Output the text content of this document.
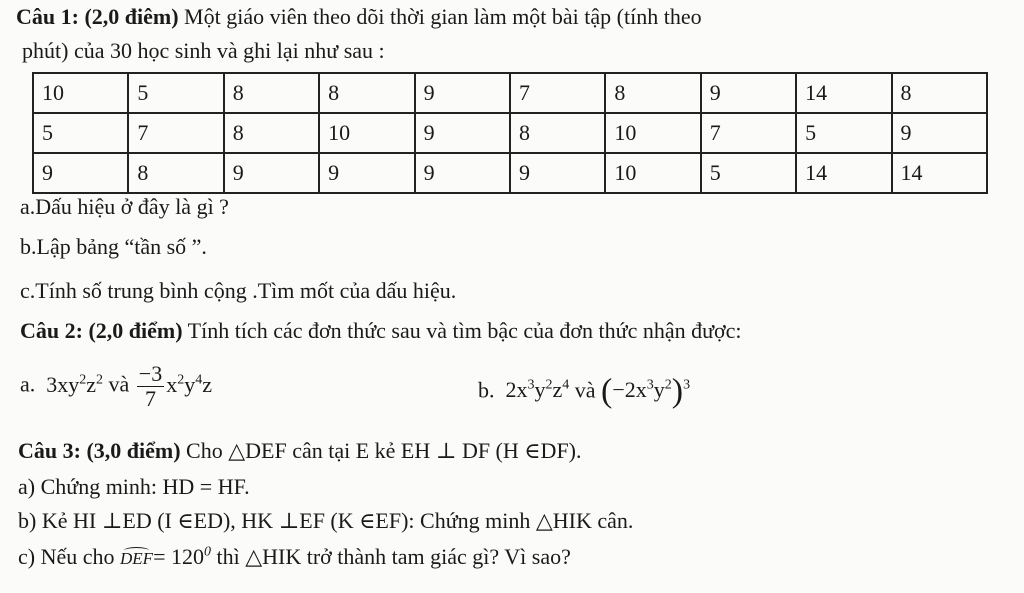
Câu 1: (2,0 điêm) Một giáo viên theo dõi thời gian làm một bài tập (tính theo
phút) của 30 học sinh và ghi lại như sau :
10	5	8	8	9	7	8	9	14	8
5	7	8	10	9	8	10	7	5	9
9	8	9	9	9	9	10	5	14	14
a.Dấu hiệu ở đây là gì ?
b.Lập bảng “tần số ”.
c.Tính số trung bình cộng .Tìm mốt của dấu hiệu.
Câu 2: (2,0 điểm) Tính tích các đơn thức sau và tìm bậc của đơn thức nhận được:
a.  $3xy^2z^2$ và $\frac{-3}{7} x^2y^4z$	b.  $2x^3y^2z^4$ và $(-2x^3y^2)^3$
Câu 3: (3,0 điểm) Cho △DEF cân tại E kẻ EH ⊥ DF (H ∈DF).
a) Chứng minh: HD = HF.
b) Kẻ HI ⊥ED (I ∈ED), HK ⊥EF (K ∈EF): Chứng minh △HIK cân.
c) Nếu cho $DEF= 120^0$ thì △HIK trở thành tam giác gì? Vì sao?
